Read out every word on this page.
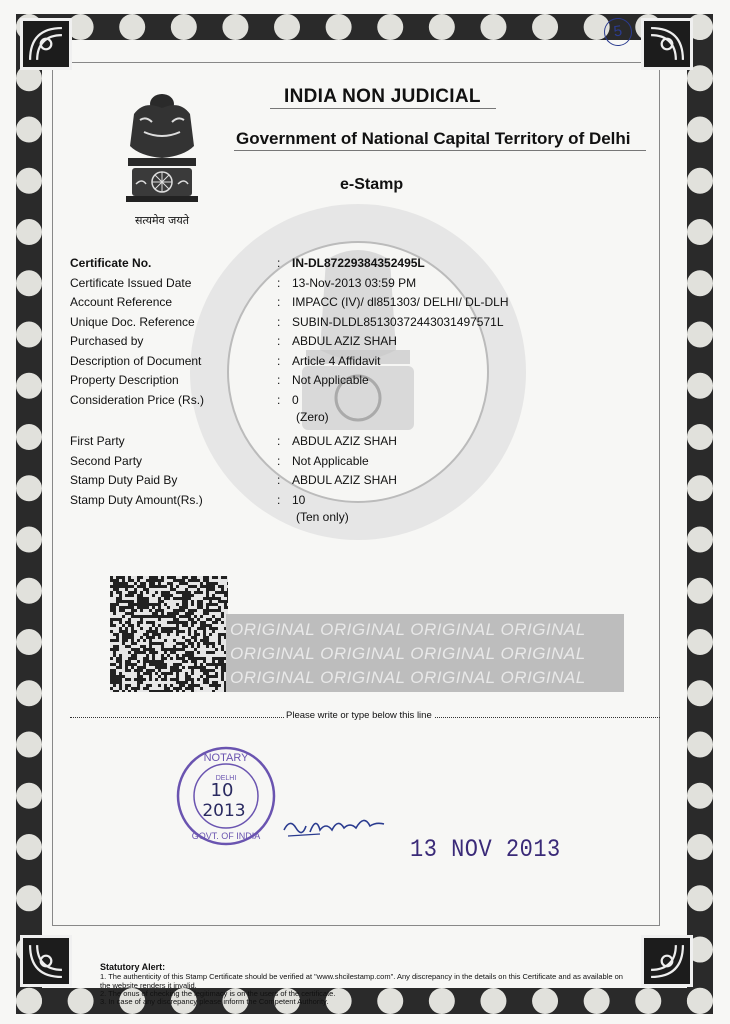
5
सत्यमेव जयते
INDIA NON JUDICIAL
Government of National Capital Territory of Delhi
e-Stamp
Certificate No.	: IN-DL87229384352495L
Certificate Issued Date	: 13-Nov-2013 03:59 PM
Account Reference	: IMPACC (IV)/ dl851303/ DELHI/ DL-DLH
Unique Doc. Reference	: SUBIN-DLDL85130372443031497571L
Purchased by	: ABDUL AZIZ SHAH
Description of Document	: Article 4 Affidavit
Property Description	: Not Applicable
Consideration Price (Rs.)	: 0
(Zero)
First Party	: ABDUL AZIZ SHAH
Second Party	: Not Applicable
Stamp Duty Paid By	: ABDUL AZIZ SHAH
Stamp Duty Amount(Rs.)	: 10
(Ten only)
ORIGINAL ORIGINAL ORIGINAL ORIGINAL
ORIGINAL ORIGINAL ORIGINAL ORIGINAL
ORIGINAL ORIGINAL ORIGINAL ORIGINAL
Please write or type below this line
NOTARY
DELHI
10
2013
GOVT. OF INDIA
Z. Shah
13 NOV 2013
Statutory Alert:
1. The authenticity of this Stamp Certificate should be verified at "www.shcilestamp.com". Any discrepancy in the details on this Certificate and as available on the website renders it invalid.
2. The onus of checking the legitimacy is on the users of the certificate.
3. In case of any discrepancy please inform the Competent Authority.
